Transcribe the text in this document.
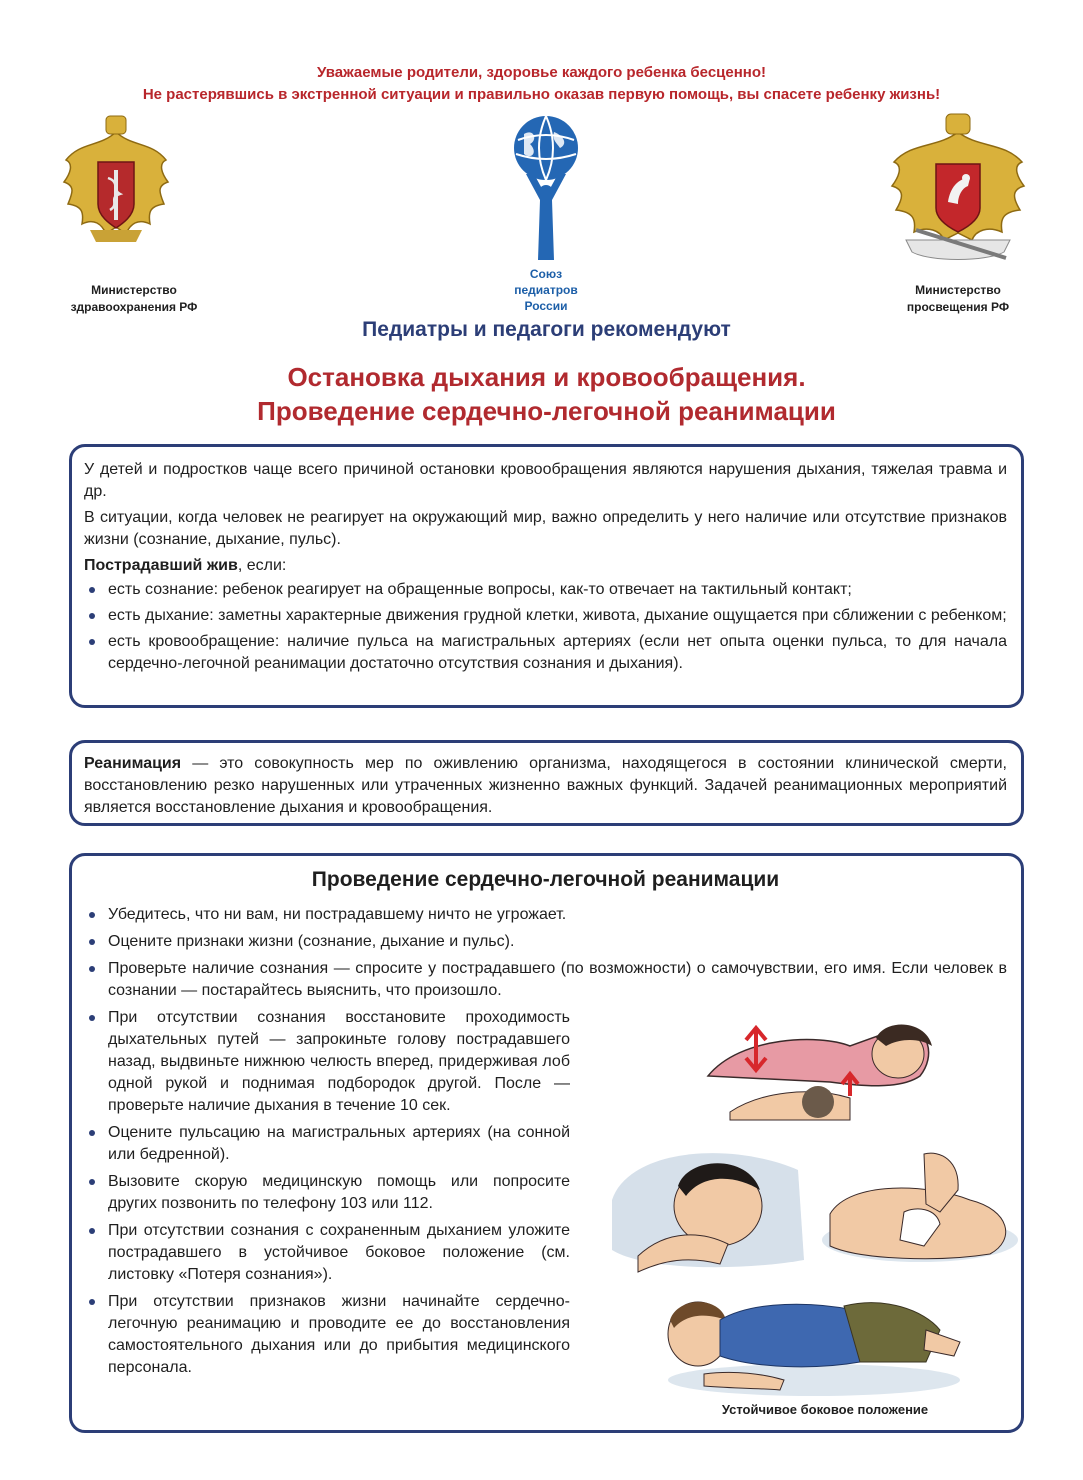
Уважаемые родители, здоровье каждого ребенка бесценно!
Не растерявшись в экстренной ситуации и правильно оказав первую помощь, вы спасете ребенку жизнь!
Министерство
здравоохранения РФ
Союз
педиатров
России
Министерство
просвещения РФ
Педиатры и педагоги рекомендуют
Остановка дыхания и кровообращения.
Проведение сердечно-легочной реанимации

У детей и подростков чаще всего причиной остановки кровообращения являются нарушения дыхания, тяжелая травма и др.

В ситуации, когда человек не реагирует на окружающий мир, важно определить у него наличие или отсутствие признаков жизни (сознание, дыхание, пульс).

Пострадавший жив, если:

есть сознание: ребенок реагирует на обращенные вопросы, как-то отвечает на тактильный контакт;
есть дыхание: заметны характерные движения грудной клетки, живота, дыхание ощущается при сближении с ребенком;
есть кровообращение: наличие пульса на магистральных артериях (если нет опыта оценки пульса, то для начала сердечно-легочной реанимации достаточно отсутствия сознания и дыхания).

Реанимация — это совокупность мер по оживлению организма, находящегося в состоянии клинической смерти, восстановлению резко нарушенных или утраченных жизненно важных функций. Задачей реанимационных мероприятий является восстановление дыхания и кровообращения.

Проведение сердечно-легочной реанимации
Убедитесь, что ни вам, ни пострадавшему ничто не угрожает.
Оцените признаки жизни (сознание, дыхание и пульс).
Проверьте наличие сознания — спросите у пострадавшего (по возможности) о самочувствии, его имя. Если человек в сознании — постарайтесь выяснить, что произошло.
При отсутствии сознания восстановите проходимость дыхательных путей — запрокиньте голову пострадавшего назад, выдвиньте нижнюю челюсть вперед, придерживая лоб одной рукой и поднимая подбородок другой. После — проверьте наличие дыхания в течение 10 сек.
Оцените пульсацию на магистральных артериях (на сонной или бедренной).
Вызовите скорую медицинскую помощь или попросите других позвонить по телефону 103 или 112.
При отсутствии сознания с сохраненным дыханием уложите пострадавшего в устойчивое боковое положение (см. листовку «Потеря сознания»).
При отсутствии признаков жизни начинайте сердечно-легочную реанимацию и проводите ее до восстановления самостоятельного дыхания или до прибытия медицинского персонала.
Устойчивое боковое положение
